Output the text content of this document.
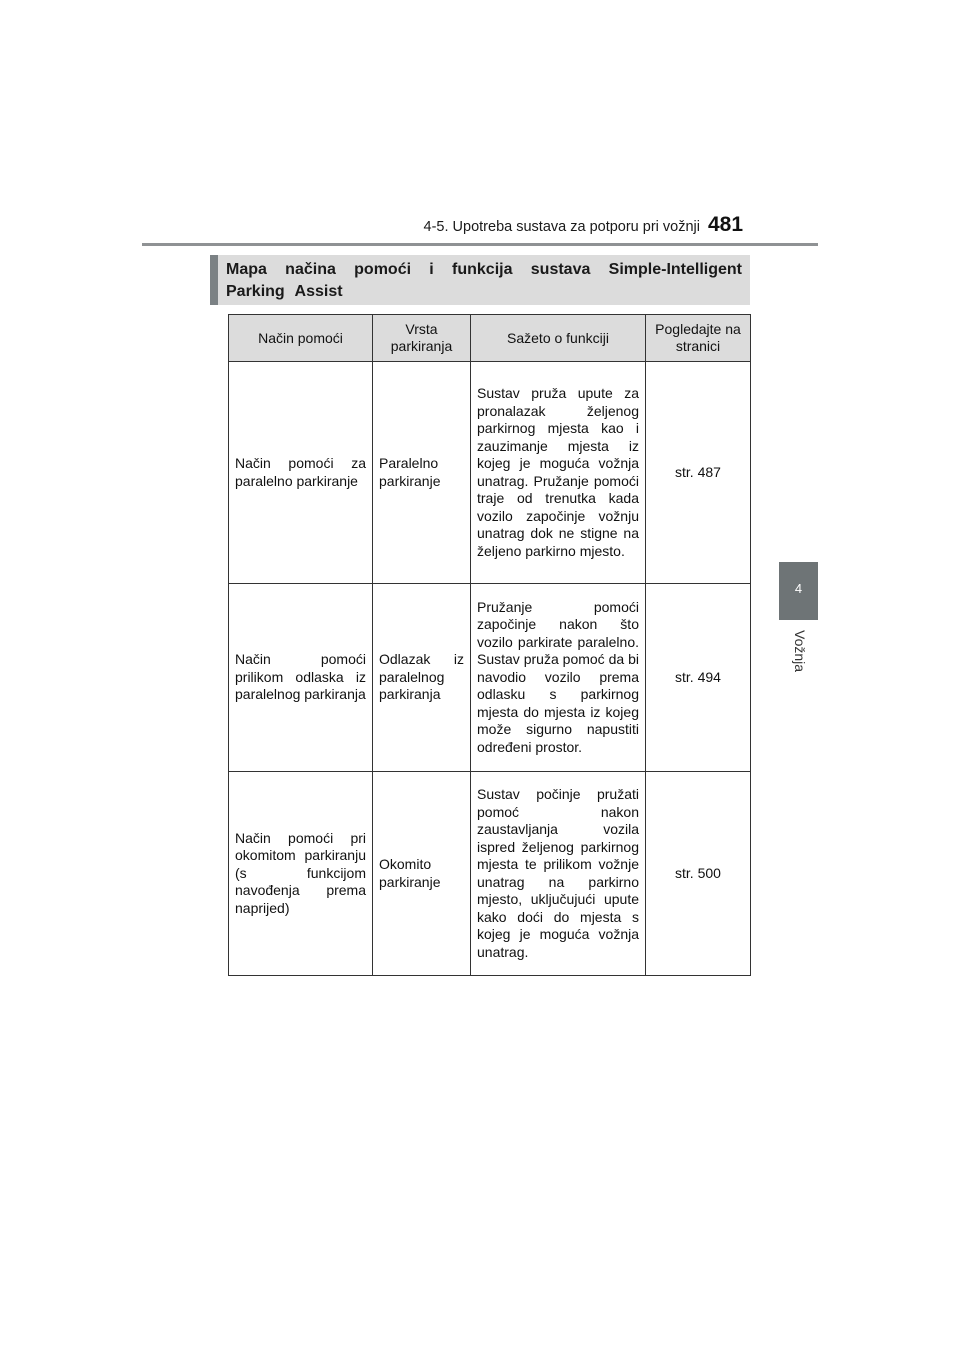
4-5. Upotreba sustava za potporu pri vožnji 481
4
Vožnja
Mapa načina pomoći i funkcija sustava Simple-Intelligent Parking Assist
Način pomoći	Vrsta parkiranja	Sažeto o funkciji	Pogledajte na stranici
Način pomoći za paralelno parkiranje	Paralelno parkiranje	Sustav pruža upute za pronalazak željenog parkirnog mjesta kao i zauzimanje mjesta iz kojeg je moguća vožnja unatrag. Pružanje pomoći traje od trenutka kada vozilo započinje vožnju unatrag dok ne stigne na željeno parkirno mjesto.	str. 487
Način pomoći prilikom odlaska iz paralelnog parkiranja	Odlazak iz paralelnog parkiranja	Pružanje pomoći započinje nakon što vozilo parkirate paralelno. Sustav pruža pomoć da bi navodio vozilo prema odlasku s parkirnog mjesta do mjesta iz kojeg može sigurno napustiti određeni prostor.	str. 494
Način pomoći pri okomitom parkiranju (s funkcijom navođenja prema naprijed)	Okomito parkiranje	Sustav počinje pružati pomoć nakon zaustavljanja vozila ispred željenog parkirnog mjesta te prilikom vožnje unatrag na parkirno mjesto, uključujući upute kako doći do mjesta s kojeg je moguća vožnja unatrag.	str. 500
